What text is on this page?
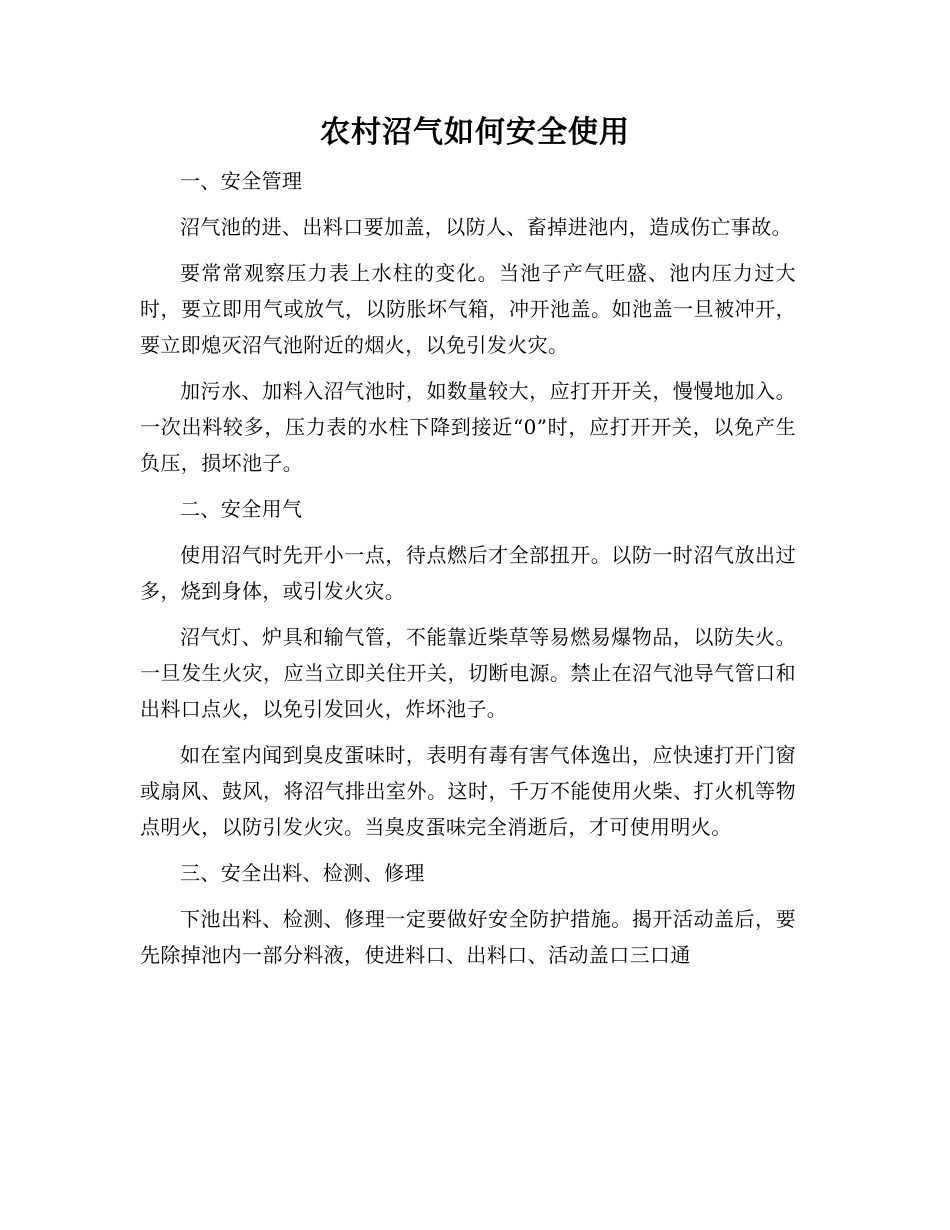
农村沼气如何安全使用

一、安全管理

沼气池的进、出料口要加盖，以防人、畜掉进池内，造成伤亡事故。

要常常观察压力表上水柱的变化。当池子产气旺盛、池内压力过大时，要立即用气或放气，以防胀坏气箱，冲开池盖。如池盖一旦被冲开，要立即熄灭沼气池附近的烟火，以免引发火灾。

加污水、加料入沼气池时，如数量较大，应打开开关，慢慢地加入。一次出料较多，压力表的水柱下降到接近“0”时，应打开开关，以免产生负压，损坏池子。

二、安全用气

使用沼气时先开小一点，待点燃后才全部扭开。以防一时沼气放出过多，烧到身体，或引发火灾。

沼气灯、炉具和输气管，不能靠近柴草等易燃易爆物品，以防失火。一旦发生火灾，应当立即关住开关，切断电源。禁止在沼气池导气管口和出料口点火，以免引发回火，炸坏池子。

如在室内闻到臭皮蛋味时，表明有毒有害气体逸出，应快速打开门窗或扇风、鼓风，将沼气排出室外。这时，千万不能使用火柴、打火机等物点明火，以防引发火灾。当臭皮蛋味完全消逝后，才可使用明火。

三、安全出料、检测、修理

下池出料、检测、修理一定要做好安全防护措施。揭开活动盖后，要先除掉池内一部分料液，使进料口、出料口、活动盖口三口通
